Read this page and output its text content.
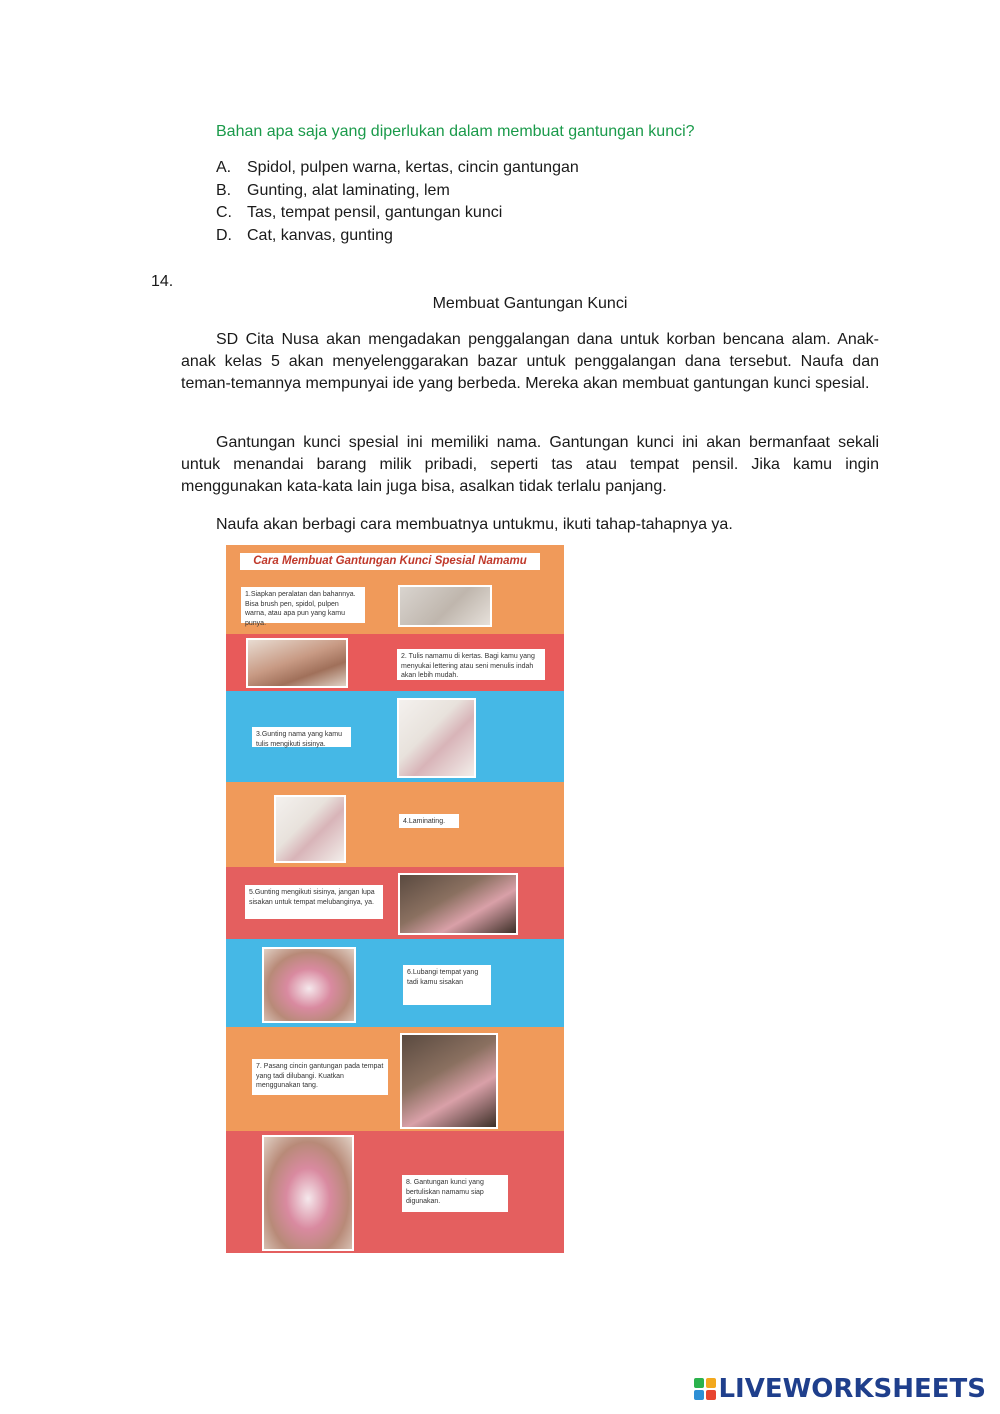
Bahan apa saja yang diperlukan dalam membuat gantungan kunci?
A. Spidol, pulpen warna, kertas, cincin gantungan
B. Gunting, alat laminating, lem
C. Tas, tempat pensil, gantungan kunci
D. Cat, kanvas, gunting
14.
Membuat Gantungan Kunci

SD Cita Nusa akan mengadakan penggalangan dana untuk korban bencana alam. Anak-anak kelas 5 akan menyelenggarakan bazar untuk penggalangan dana tersebut. Naufa dan teman-temannya mempunyai ide yang berbeda. Mereka akan membuat gantungan kunci spesial.

Gantungan kunci spesial ini memiliki nama. Gantungan kunci ini akan bermanfaat sekali untuk menandai barang milik pribadi, seperti tas atau tempat pensil. Jika kamu ingin menggunakan kata-kata lain juga bisa, asalkan tidak terlalu panjang.

Naufa akan berbagi cara membuatnya untukmu, ikuti tahap-tahapnya ya.

Cara Membuat Gantungan Kunci Spesial Namamu
1.Siapkan peralatan dan bahannya. Bisa brush pen, spidol, pulpen warna, atau apa pun yang kamu punya.
2. Tulis namamu di kertas. Bagi kamu yang menyukai lettering atau seni menulis indah akan lebih mudah.
3.Gunting nama yang kamu tulis mengikuti sisinya.
4.Laminating.
5.Gunting mengikuti sisinya, jangan lupa sisakan untuk tempat melubanginya, ya.
6.Lubangi tempat yang tadi kamu sisakan
7. Pasang cincin gantungan pada tempat yang tadi dilubangi. Kuatkan menggunakan tang.
8. Gantungan kunci yang bertuliskan namamu siap digunakan.
LIVEWORKSHEETS
